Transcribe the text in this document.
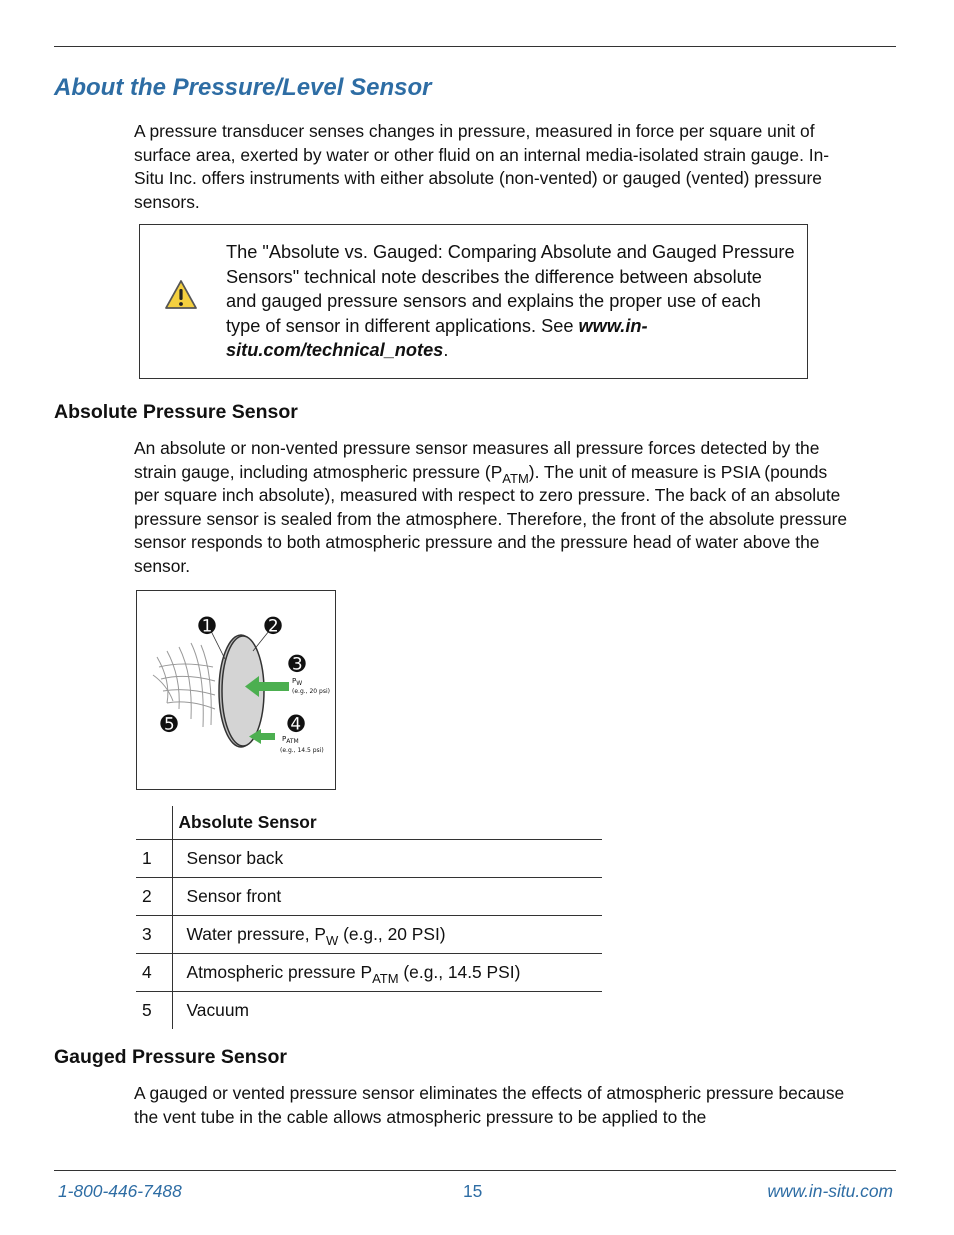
About the Pressure/Level Sensor

A pressure transducer senses changes in pressure, measured in force per square unit of surface area, exerted by water or other fluid on an internal media-isolated strain gauge. In-Situ Inc. offers instruments with either absolute (non-vented) or gauged (vented) pressure sensors.

The "Absolute vs. Gauged: Comparing Absolute and Gauged Pressure Sensors" technical note describes the difference between absolute and gauged pressure sensors and explains the proper use of each type of sensor in different applications. See www.in-situ.com/technical_notes.

Absolute Pressure Sensor

An absolute or non-vented pressure sensor measures all pressure forces detected by the strain gauge, including atmospheric pressure $(P_{ATM})$. The unit of measure is PSIA (pounds per square inch absolute), measured with respect to zero pressure. The back of an absolute pressure sensor is sealed from the atmosphere. Therefore, the front of the absolute pressure sensor responds to both atmospheric pressure and the pressure head of water above the sensor.

➊ ➋
➌
➍
➎
PW
(e.g., 20 psi)
PATM
(e.g., 14.5 psi)
	Absolute Sensor
1	Sensor back
2	Sensor front
3	Water pressure, $P_W$ (e.g., 20 PSI)
4	Atmospheric pressure $P_{ATM}$ (e.g., 14.5 PSI)
5	Vacuum
Gauged Pressure Sensor

A gauged or vented pressure sensor eliminates the effects of atmospheric pressure because the vent tube in the cable allows atmospheric pressure to be applied to the

1-800-446-7488	15	www.in-situ.com
